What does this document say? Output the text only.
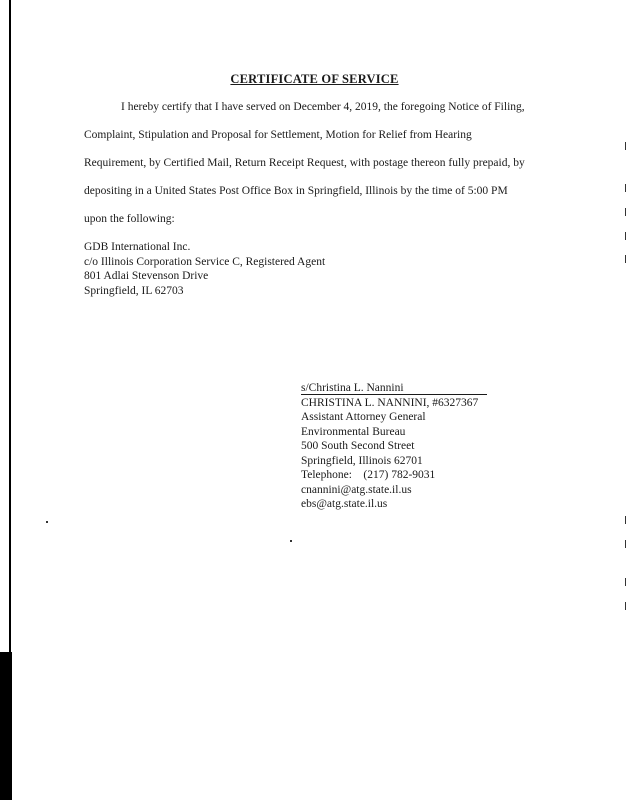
CERTIFICATE OF SERVICE
I hereby certify that I have served on December 4, 2019, the foregoing Notice of Filing,
Complaint, Stipulation and Proposal for Settlement, Motion for Relief from Hearing
Requirement, by Certified Mail, Return Receipt Request, with postage thereon fully prepaid, by
depositing in a United States Post Office Box in Springfield, Illinois by the time of 5:00 PM
upon the following:
GDB International Inc.
c/o Illinois Corporation Service C, Registered Agent
801 Adlai Stevenson Drive
Springfield, IL 62703
s/Christina L. Nannini
CHRISTINA L. NANNINI, #6327367
Assistant Attorney General
Environmental Bureau
500 South Second Street
Springfield, Illinois 62701
Telephone:    (217) 782-9031
cnannini@atg.state.il.us
ebs@atg.state.il.us
